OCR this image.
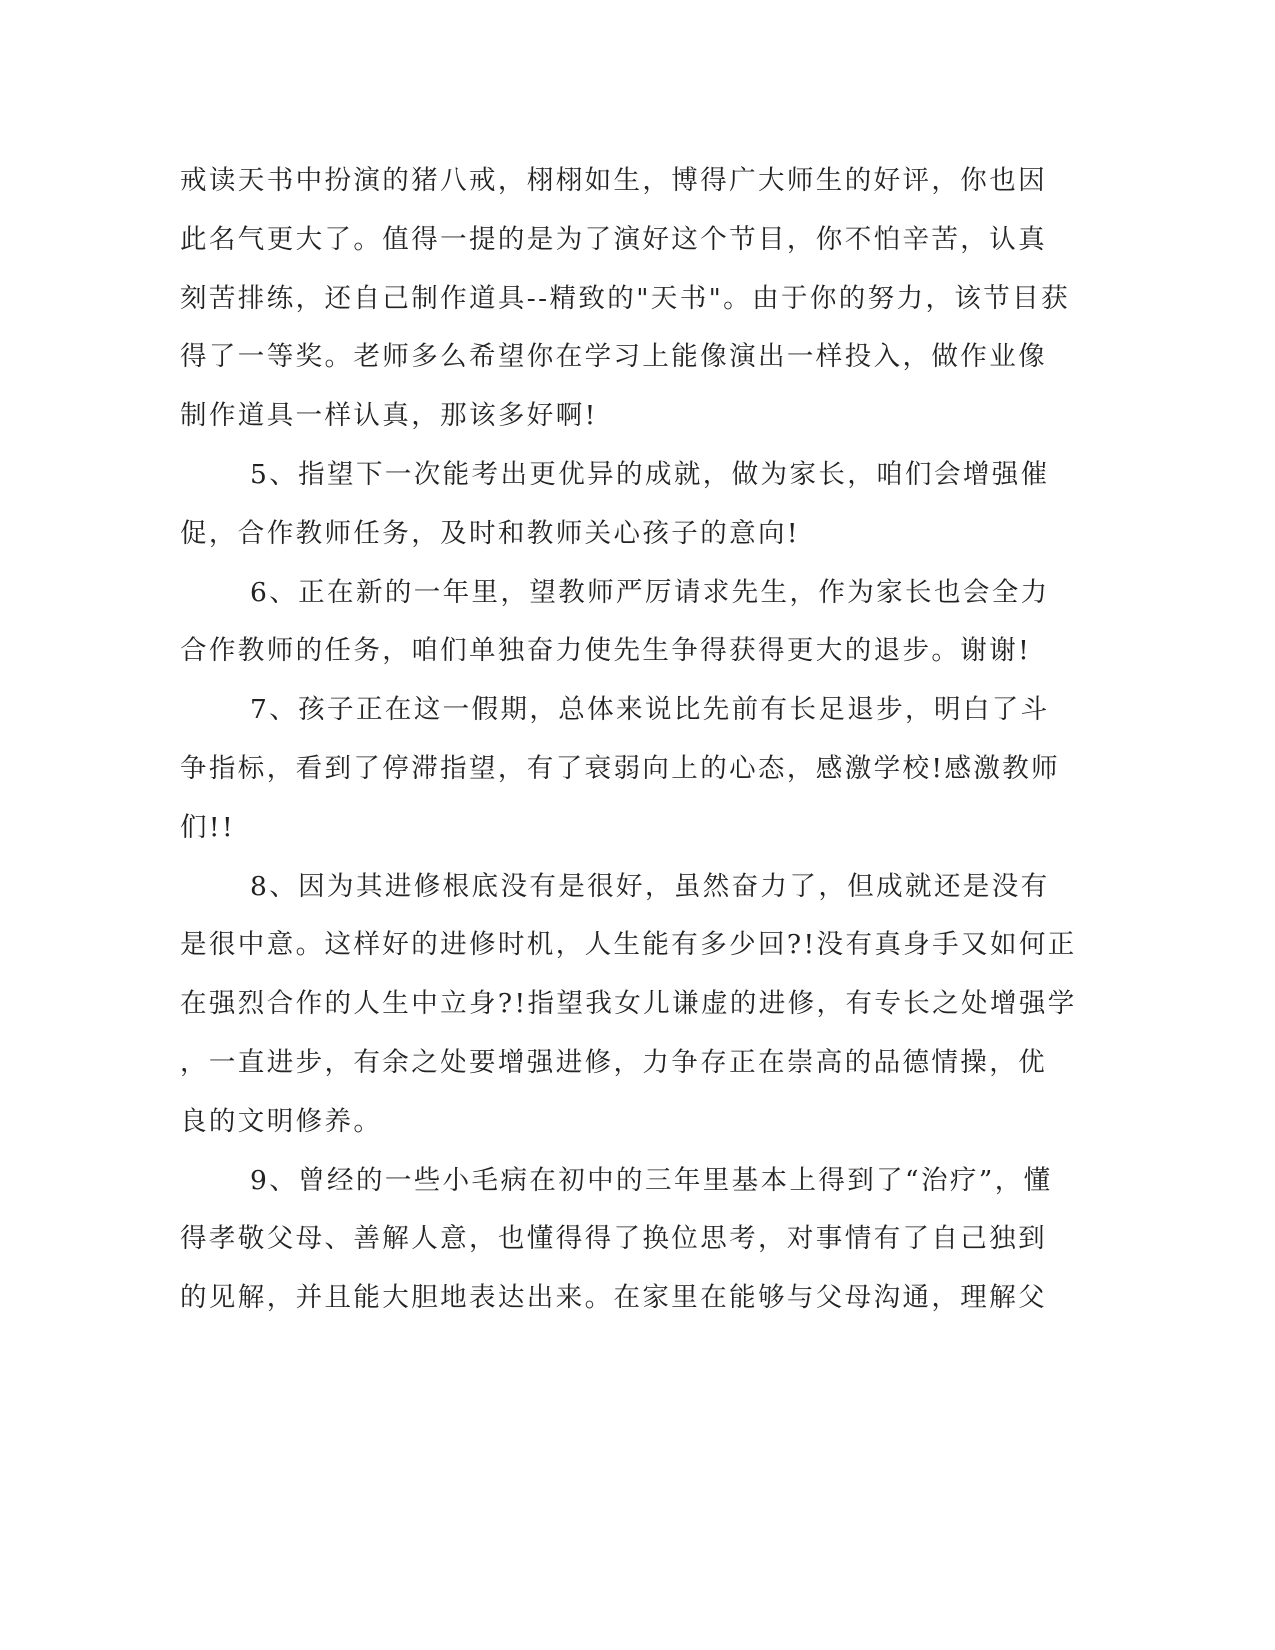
戒读天书中扮演的猪八戒，栩栩如生，博得广大师生的好评，你也因
此名气更大了。值得一提的是为了演好这个节目，你不怕辛苦，认真
刻苦排练，还自己制作道具--精致的"天书"。由于你的努力，该节目获
得了一等奖。老师多么希望你在学习上能像演出一样投入，做作业像
制作道具一样认真，那该多好啊!

5、指望下一次能考出更优异的成就，做为家长，咱们会增强催
促，合作教师任务，及时和教师关心孩子的意向!

6、正在新的一年里，望教师严厉请求先生，作为家长也会全力
合作教师的任务，咱们单独奋力使先生争得获得更大的退步。谢谢!

7、孩子正在这一假期，总体来说比先前有长足退步，明白了斗
争指标，看到了停滞指望，有了衰弱向上的心态，感激学校!感激教师
们!!

8、因为其进修根底没有是很好，虽然奋力了，但成就还是没有
是很中意。这样好的进修时机，人生能有多少回?!没有真身手又如何正
在强烈合作的人生中立身?!指望我女儿谦虚的进修，有专长之处增强学
，一直进步，有余之处要增强进修，力争存正在崇高的品德情操，优
良的文明修养。

9、曾经的一些小毛病在初中的三年里基本上得到了“治疗”，懂
得孝敬父母、善解人意，也懂得得了换位思考，对事情有了自己独到
的见解，并且能大胆地表达出来。在家里在能够与父母沟通，理解父
